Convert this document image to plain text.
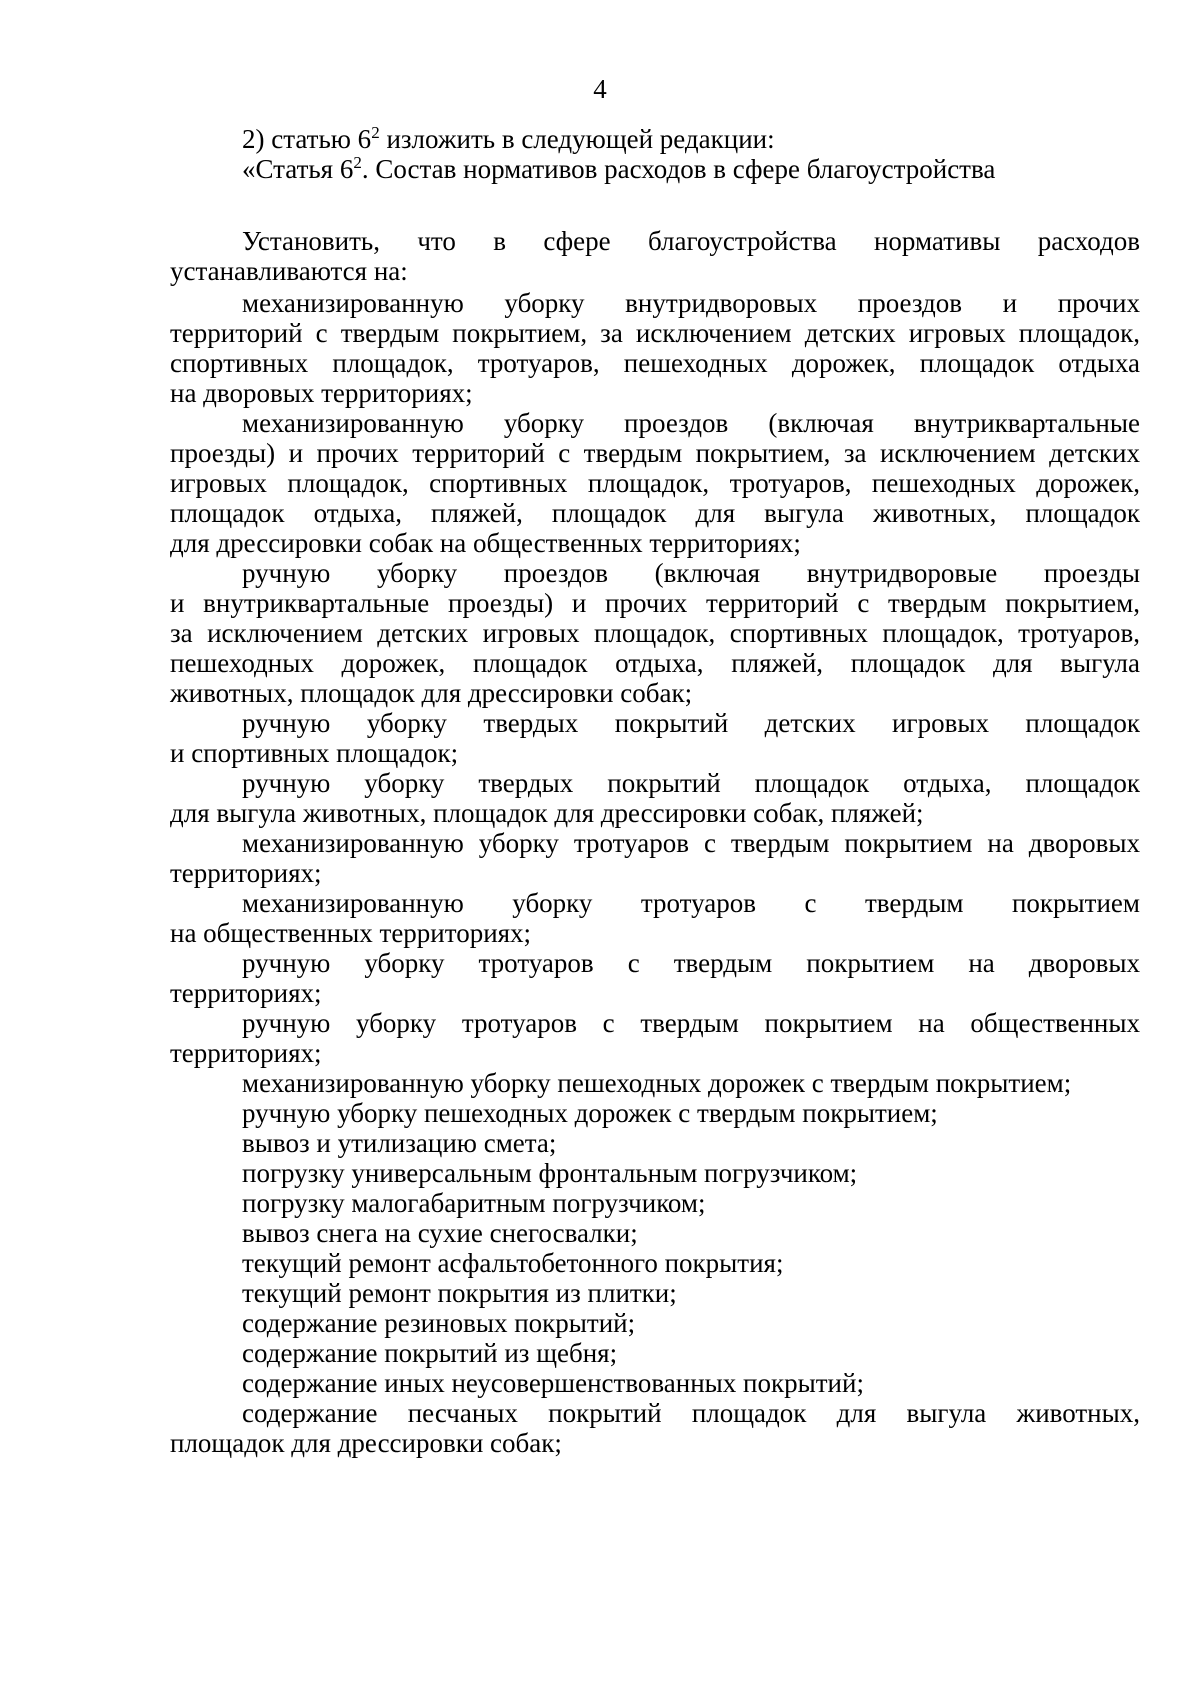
4
2) статью $6^2$ изложить в следующей редакции:
«Статья $6^2$. Состав нормативов расходов в сфере благоустройства
Установить, что в сфере благоустройства нормативы расходов
устанавливаются на:
механизированную уборку внутридворовых проездов и прочих
территорий с твердым покрытием, за исключением детских игровых площадок,
спортивных площадок, тротуаров, пешеходных дорожек, площадок отдыха
на дворовых территориях;
механизированную уборку проездов (включая внутриквартальные
проезды) и прочих территорий с твердым покрытием, за исключением детских
игровых площадок, спортивных площадок, тротуаров, пешеходных дорожек,
площадок отдыха, пляжей, площадок для выгула животных, площадок
для дрессировки собак на общественных территориях;
ручную уборку проездов (включая внутридворовые проезды
и внутриквартальные проезды) и прочих территорий с твердым покрытием,
за исключением детских игровых площадок, спортивных площадок, тротуаров,
пешеходных дорожек, площадок отдыха, пляжей, площадок для выгула
животных, площадок для дрессировки собак;
ручную уборку твердых покрытий детских игровых площадок
и спортивных площадок;
ручную уборку твердых покрытий площадок отдыха, площадок
для выгула животных, площадок для дрессировки собак, пляжей;
механизированную уборку тротуаров с твердым покрытием на дворовых
территориях;
механизированную уборку тротуаров с твердым покрытием
на общественных территориях;
ручную уборку тротуаров с твердым покрытием на дворовых
территориях;
ручную уборку тротуаров с твердым покрытием на общественных
территориях;
механизированную уборку пешеходных дорожек с твердым покрытием;
ручную уборку пешеходных дорожек с твердым покрытием;
вывоз и утилизацию смета;
погрузку универсальным фронтальным погрузчиком;
погрузку малогабаритным погрузчиком;
вывоз снега на сухие снегосвалки;
текущий ремонт асфальтобетонного покрытия;
текущий ремонт покрытия из плитки;
содержание резиновых покрытий;
содержание покрытий из щебня;
содержание иных неусовершенствованных покрытий;
содержание песчаных покрытий площадок для выгула животных,
площадок для дрессировки собак;
